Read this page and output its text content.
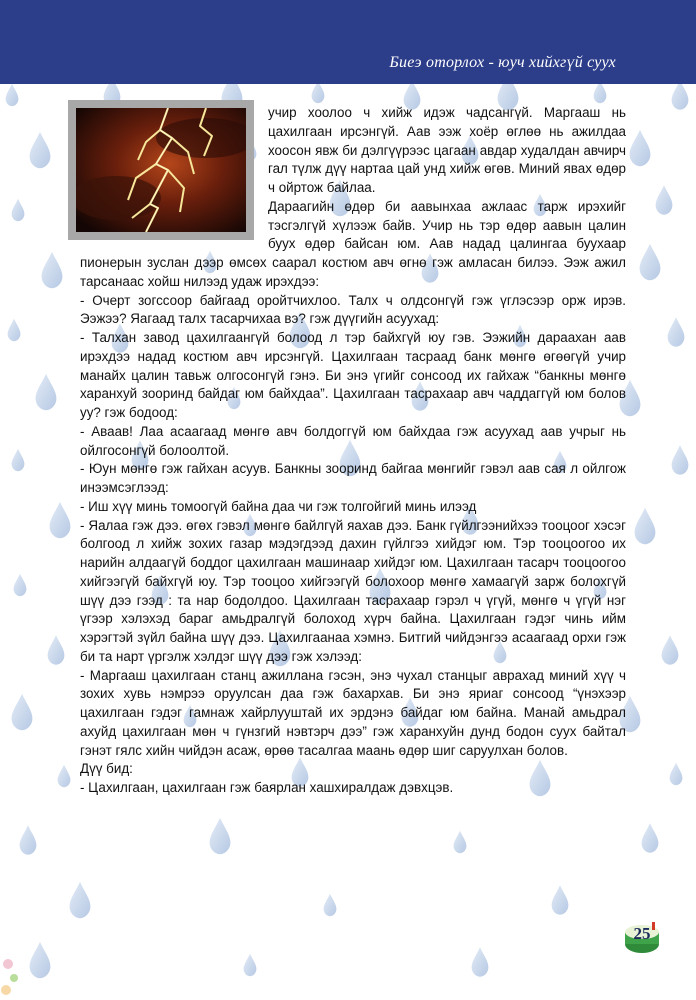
Биеэ оторлох - юуч хийхгүй суух

учир хоолоо ч хийж идэж чадсангүй. Маргааш нь цахилгаан ирсэнгүй. Аав ээж хоёр өглөө нь ажилдаа хоосон явж би дэлгүүрээс цагаан авдар худалдан авчирч гал түлж дүү нартаа цай унд хийж өгөв. Миний явах өдөр ч ойртож байлаа.

Дараагийн өдөр би аавынхаа ажлаас тарж ирэхийг тэсгэлгүй хүлээж байв. Учир нь тэр өдөр аавын цалин буух өдөр байсан юм. Аав надад цалингаа буухаар пионерын зуслан дээр өмсөх саарал костюм авч өгнө гэж амласан билээ. Ээж ажил тарсанаас хойш нилээд удаж ирэхдээ:

- Очерт зогссоор байгаад оройтчихлоо. Талх ч олдсонгүй гэж үглэсээр орж ирэв. Ээжээ? Яагаад талх тасарчихаа вэ? гэж дүүгийн асуухад:

- Талхан завод цахилгаангүй болоод л тэр байхгүй юу гэв. Ээжийн дараахан аав ирэхдээ надад костюм авч ирсэнгүй. Цахилгаан тасраад банк мөнгө өгөөгүй учир манайх цалин тавьж олгосонгүй гэнэ. Би энэ үгийг сонсоод их гайхаж “банкны мөнгө харанхуй зооринд байдаг юм байхдаа”. Цахилгаан тасрахаар авч чаддаггүй юм болов уу? гэж бодоод:

- Аваав! Лаа асаагаад мөнгө авч болдоггүй юм байхдаа гэж асуухад аав учрыг нь ойлгосонгүй болоолтой.

- Юун мөнгө гэж гайхан асуув. Банкны зооринд байгаа мөнгийг гэвэл аав сая л ойлгож инээмсэглээд:

- Иш хүү минь томоогүй байна даа чи гэж толгойгий минь илээд

- Яалаа гэж дээ. өгөх гэвэл мөнгө байлгүй яахав дээ. Банк гүйлгээнийхээ тооцоог хэсэг болгоод л хийж зохих газар мэдэгдээд дахин гүйлгээ хийдэг юм. Тэр тооцоогоо их нарийн алдаагүй боддог цахилгаан машинаар хийдэг юм. Цахилгаан тасарч тооцоогоо хийгээгүй байхгүй юу. Тэр тооцоо хийгээгүй болохоор мөнгө хамаагүй зарж болохгүй шүү дээ гээд : та нар бодолдоо. Цахилгаан тасрахаар гэрэл ч үгүй, мөнгө ч үгүй нэг үгээр хэлэхэд бараг амьдралгүй болоход хүрч байна. Цахилгаан гэдэг чинь ийм хэрэгтэй зүйл байна шүү дээ. Цахилгаанаа хэмнэ. Битгий чийдэнгээ асаагаад орхи гэж би та нарт үргэлж хэлдэг шүү дээ гэж хэлээд:

- Маргааш цахилгаан станц ажиллана гэсэн, энэ чухал станцыг аврахад миний хүү ч зохих хувь нэмрээ оруулсан даа гэж бахархав. Би энэ яриаг сонсоод “үнэхээр цахилгаан гэдэг гамнаж хайрлууштай их эрдэнэ байдаг юм байна. Манай амьдрал ахуйд цахилгаан мөн ч гүнзгий нэвтэрч дээ” гэж харанхуйн дунд бодон суух байтал гэнэт гялс хийн чийдэн асаж, өрөө тасалгаа маань өдөр шиг саруулхан болов.

Дүү бид:

- Цахилгаан, цахилгаан гэж баярлан хашхиралдаж дэвхцэв.

25
